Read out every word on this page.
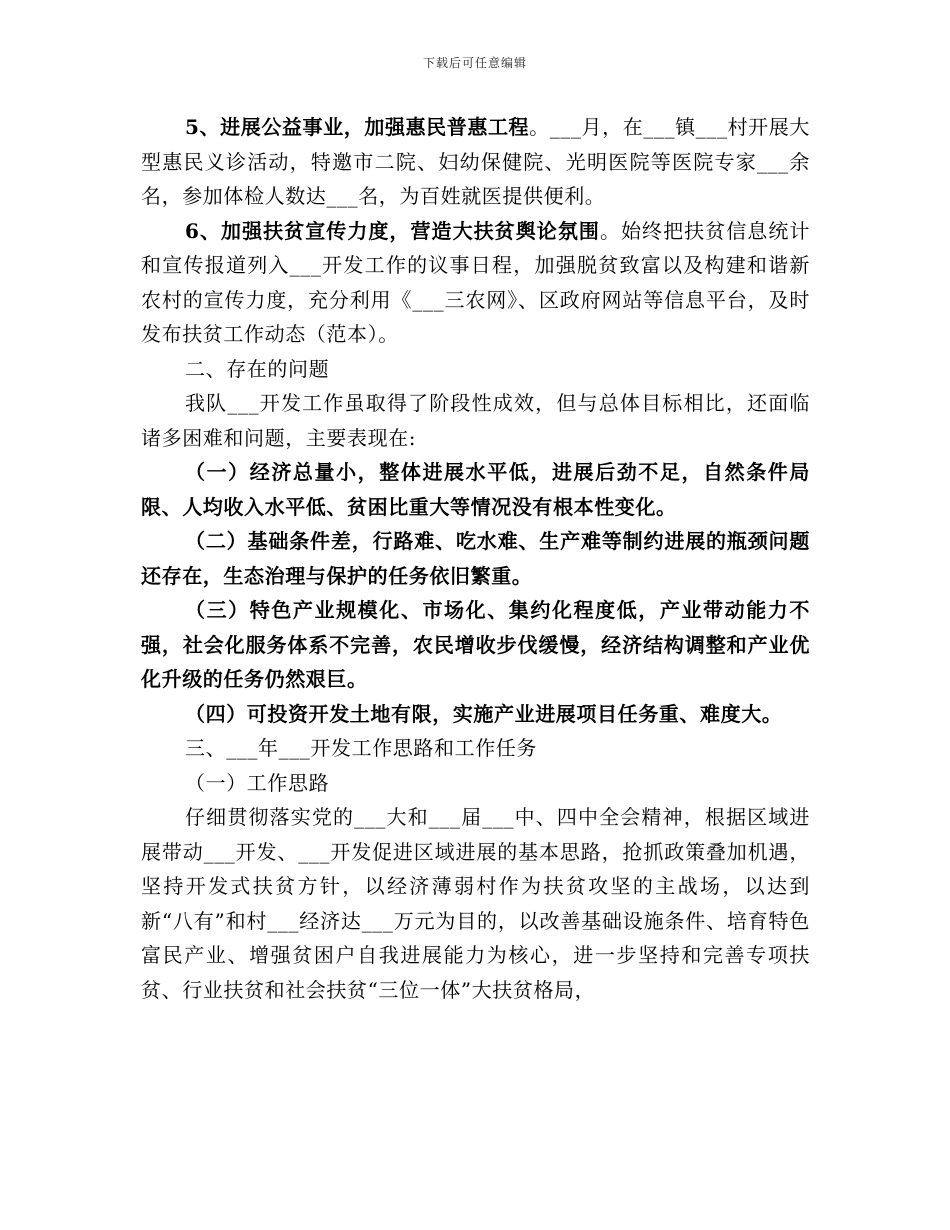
下载后可任意编辑

5、进展公益事业，加强惠民普惠工程。___月，在___镇___村开展大型惠民义诊活动，特邀市二院、妇幼保健院、光明医院等医院专家___余名，参加体检人数达___名，为百姓就医提供便利。

6、加强扶贫宣传力度，营造大扶贫舆论氛围。始终把扶贫信息统计和宣传报道列入___开发工作的议事日程，加强脱贫致富以及构建和谐新农村的宣传力度，充分利用《___三农网》、区政府网站等信息平台，及时发布扶贫工作动态（范本）。

二、存在的问题

我队___开发工作虽取得了阶段性成效，但与总体目标相比，还面临诸多困难和问题，主要表现在:

（一）经济总量小，整体进展水平低，进展后劲不足，自然条件局限、人均收入水平低、贫困比重大等情况没有根本性变化。

（二）基础条件差，行路难、吃水难、生产难等制约进展的瓶颈问题还存在，生态治理与保护的任务依旧繁重。

（三）特色产业规模化、市场化、集约化程度低，产业带动能力不强，社会化服务体系不完善，农民增收步伐缓慢，经济结构调整和产业优化升级的任务仍然艰巨。

（四）可投资开发土地有限，实施产业进展项目任务重、难度大。

三、___年___开发工作思路和工作任务

（一）工作思路

仔细贯彻落实党的___大和___届___中、四中全会精神，根据区域进展带动___开发、___开发促进区域进展的基本思路，抢抓政策叠加机遇，坚持开发式扶贫方针，以经济薄弱村作为扶贫攻坚的主战场，以达到新“八有”和村___经济达___万元为目的，以改善基础设施条件、培育特色富民产业、增强贫困户自我进展能力为核心，进一步坚持和完善专项扶贫、行业扶贫和社会扶贫“三位一体”大扶贫格局，
